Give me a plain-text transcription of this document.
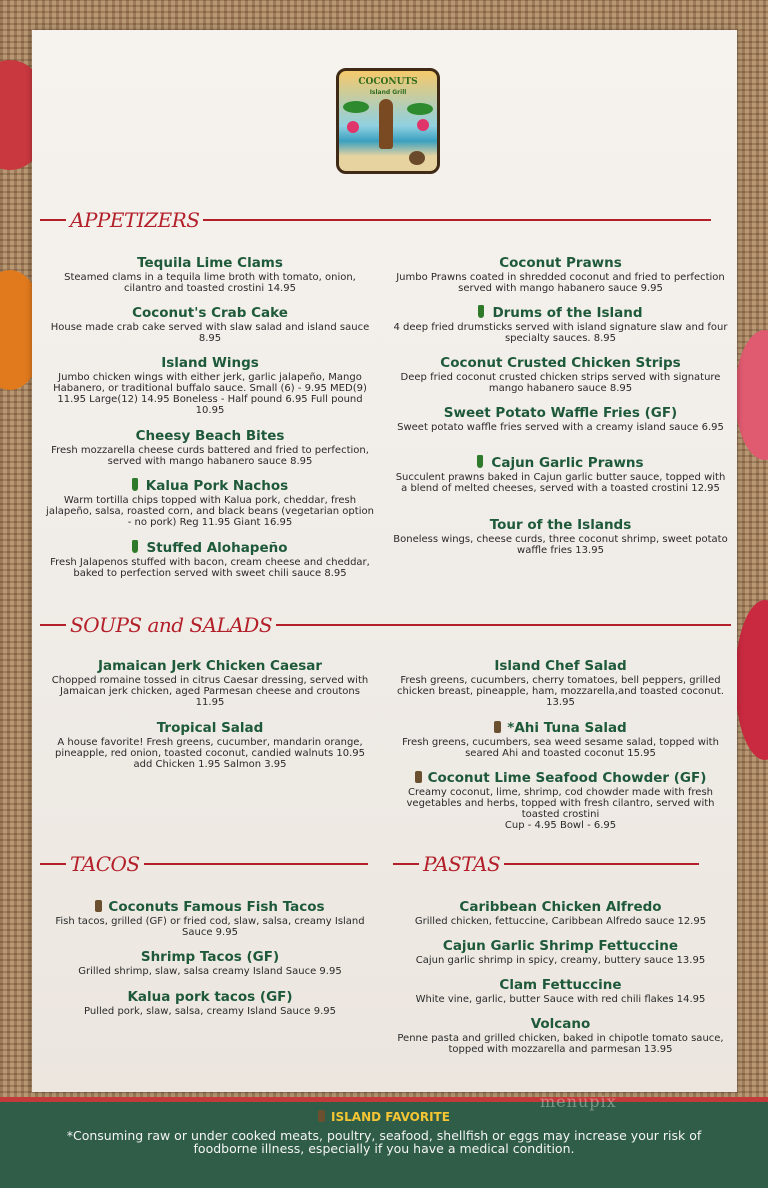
COCONUTS
Island Grill
APPETIZERS
Tequila Lime Clams
Steamed clams in a tequila lime broth with tomato, onion, cilantro and toasted crostini 14.95
Coconut's Crab Cake
House made crab cake served with slaw salad and island sauce 8.95
Island Wings
Jumbo chicken wings with either jerk, garlic jalapeño, Mango Habanero, or traditional buffalo sauce. Small (6) - 9.95 MED(9) 11.95 Large(12) 14.95 Boneless - Half pound 6.95 Full pound 10.95
Cheesy Beach Bites
Fresh mozzarella cheese curds battered and fried to perfection, served with mango habanero sauce 8.95
Kalua Pork Nachos
Warm tortilla chips topped with Kalua pork, cheddar, fresh jalapeño, salsa, roasted corn, and black beans (vegetarian option - no pork) Reg 11.95 Giant 16.95
Stuffed Alohapeño
Fresh Jalapenos stuffed with bacon, cream cheese and cheddar, baked to perfection served with sweet chili sauce 8.95
Coconut Prawns
Jumbo Prawns coated in shredded coconut and fried to perfection served with mango habanero sauce 9.95
Drums of the Island
4 deep fried drumsticks served with island signature slaw and four specialty sauces. 8.95
Coconut Crusted Chicken Strips
Deep fried coconut crusted chicken strips served with signature mango habanero sauce 8.95
Sweet Potato Waffle Fries (GF)
Sweet potato waffle fries served with a creamy island sauce 6.95
Cajun Garlic Prawns
Succulent prawns baked in Cajun garlic butter sauce, topped with a blend of melted cheeses, served with a toasted crostini 12.95
Tour of the Islands
Boneless wings, cheese curds, three coconut shrimp, sweet potato waffle fries 13.95
SOUPS and SALADS
Jamaican Jerk Chicken Caesar
Chopped romaine tossed in citrus Caesar dressing, served with Jamaican jerk chicken, aged Parmesan cheese and croutons 11.95
Tropical Salad
A house favorite! Fresh greens, cucumber, mandarin orange, pineapple, red onion, toasted coconut, candied walnuts 10.95
add Chicken 1.95 Salmon 3.95
Island Chef Salad
Fresh greens, cucumbers, cherry tomatoes, bell peppers, grilled chicken breast, pineapple, ham, mozzarella,and toasted coconut. 13.95
*Ahi Tuna Salad
Fresh greens, cucumbers, sea weed sesame salad, topped with seared Ahi and toasted coconut 15.95
Coconut Lime Seafood Chowder (GF)
Creamy coconut, lime, shrimp, cod chowder made with fresh vegetables and herbs, topped with fresh cilantro, served with toasted crostini
Cup - 4.95 Bowl - 6.95
TACOS	PASTAS
Coconuts Famous Fish Tacos
Fish tacos, grilled (GF) or fried cod, slaw, salsa, creamy Island Sauce 9.95
Shrimp Tacos (GF)
Grilled shrimp, slaw, salsa creamy Island Sauce 9.95
Kalua pork tacos (GF)
Pulled pork, slaw, salsa, creamy Island Sauce 9.95
Caribbean Chicken Alfredo
Grilled chicken, fettuccine, Caribbean Alfredo sauce 12.95
Cajun Garlic Shrimp Fettuccine
Cajun garlic shrimp in spicy, creamy, buttery sauce 13.95
Clam Fettuccine
White vine, garlic, butter Sauce with red chili flakes 14.95
Volcano
Penne pasta and grilled chicken, baked in chipotle tomato sauce, topped with mozzarella and parmesan 13.95
ISLAND FAVORITE
*Consuming raw or under cooked meats, poultry, seafood, shellfish or eggs may increase your risk of foodborne illness, especially if you have a medical condition.
menupix
